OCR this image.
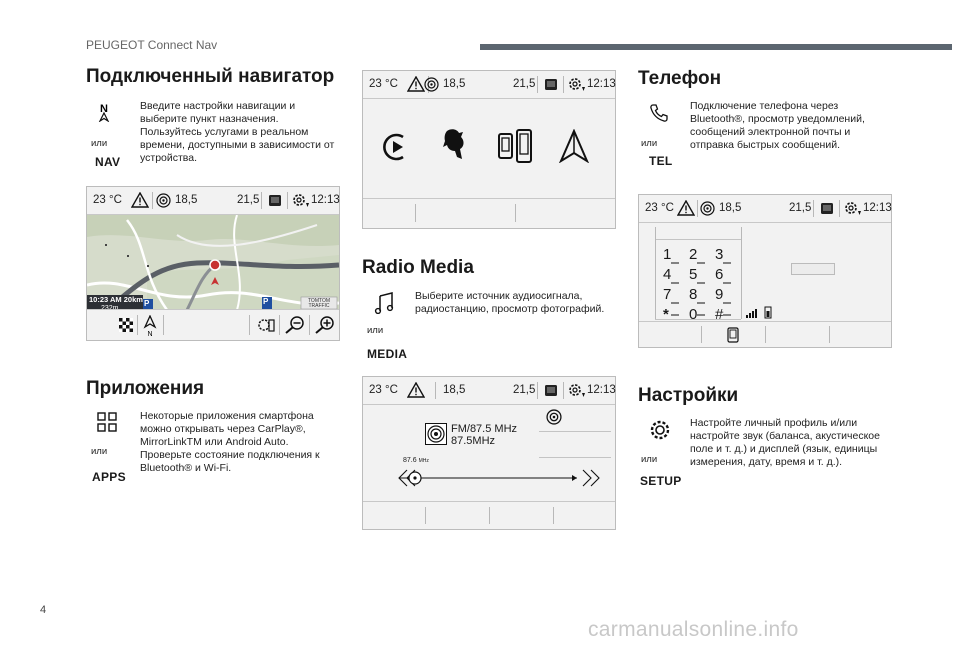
PEUGEOT Connect Nav
Подключенный навигатор
N
или
NAV
Введите настройки навигации и
выберите пункт назначения.
Пользуйтесь услугами в реальном
времени, доступными в зависимости от
устройства.
23 °C	18,5	21,5	12:13
10:23 AM 20km
232m
P	P	TOMTOM TRAFFIC
N
Приложения
или
APPS
Некоторые приложения смартфона
можно открывать через CarPlay®,
MirrorLinkTM или Android Auto.
Проверьте состояние подключения к
Bluetooth® и Wi-Fi.
23 °C	18,5	21,5	12:13
Radio Media
или
MEDIA
Выберите источник аудиосигнала,
радиостанцию, просмотр фотографий.
23 °C	18,5	21,5	12:13
FM/87.5 MHz
87.5MHz
87.6 MHz
Телефон
или
TEL
Подключение телефона через
Bluetooth®, просмотр уведомлений,
сообщений электронной почты и
отправка быстрых сообщений.
23 °C	18,5	21,5	12:13
1	2	3
4	5	6
7	8	9
*	0	#
Настройки
или
SETUP
Настройте личный профиль и/или
настройте звук (баланса, акустическое
поле и т. д.) и дисплей (язык, единицы
измерения, дату, время и т. д.).
4
carmanualsonline.info
